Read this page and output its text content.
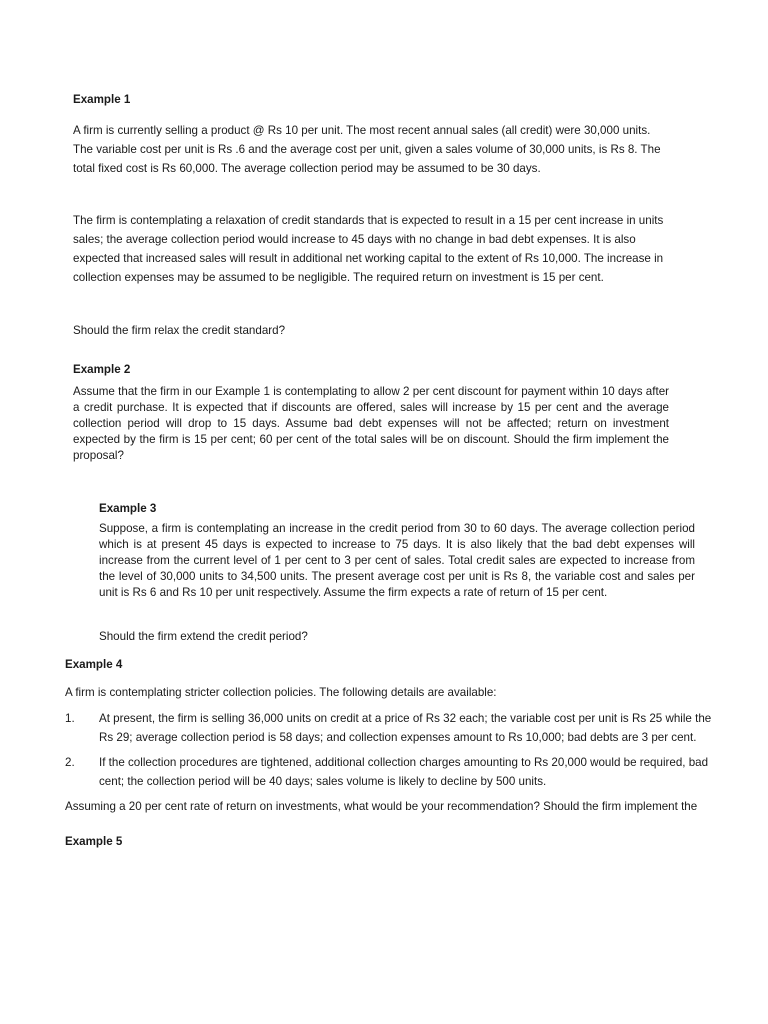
Example 1

A firm is currently selling a product @ Rs 10 per unit. The most recent annual sales (all credit) were 30,000 units. The variable cost per unit is Rs .6 and the average cost per unit, given a sales volume of 30,000 units, is Rs 8. The total fixed cost is Rs 60,000. The average collection period may be assumed to be 30 days.

The firm is contemplating a relaxation of credit standards that is expected to result in a 15 per cent increase in units sales; the average collection period would increase to 45 days with no change in bad debt expenses. It is also expected that increased sales will result in additional net working capital to the extent of Rs 10,000. The increase in collection expenses may be assumed to be negligible. The required return on investment is 15 per cent.

Should the firm relax the credit standard?
Example 2

Assume that the firm in our Example 1 is contemplating to allow 2 per cent discount for payment within 10 days after a credit purchase. It is expected that if discounts are offered, sales will increase by 15 per cent and the average collection period will drop to 15 days. Assume bad debt expenses will not be affected; return on investment expected by the firm is 15 per cent; 60 per cent of the total sales will be on discount. Should the firm implement the proposal?

Example 3

Suppose, a firm is contemplating an increase in the credit period from 30 to 60 days. The average collection period which is at present 45 days is expected to increase to 75 days. It is also likely that the bad debt expenses will increase from the current level of 1 per cent to 3 per cent of sales. Total credit sales are expected to increase from the level of 30,000 units to 34,500 units. The present average cost per unit is Rs 8, the variable cost and sales per unit is Rs 6 and Rs 10 per unit respectively. Assume the firm expects a rate of return of 15 per cent.

Should the firm extend the credit period?
Example 4
A firm is contemplating stricter collection policies. The following details are available:
1. At present, the firm is selling 36,000 units on credit at a price of Rs 32 each; the variable cost per unit is Rs 25 while the
Rs 29; average collection period is 58 days; and collection expenses amount to Rs 10,000; bad debts are 3 per cent.
2. If the collection procedures are tightened, additional collection charges amounting to Rs 20,000 would be required, bad
cent; the collection period will be 40 days; sales volume is likely to decline by 500 units.
Assuming a 20 per cent rate of return on investments, what would be your recommendation? Should the firm implement the
Example 5
